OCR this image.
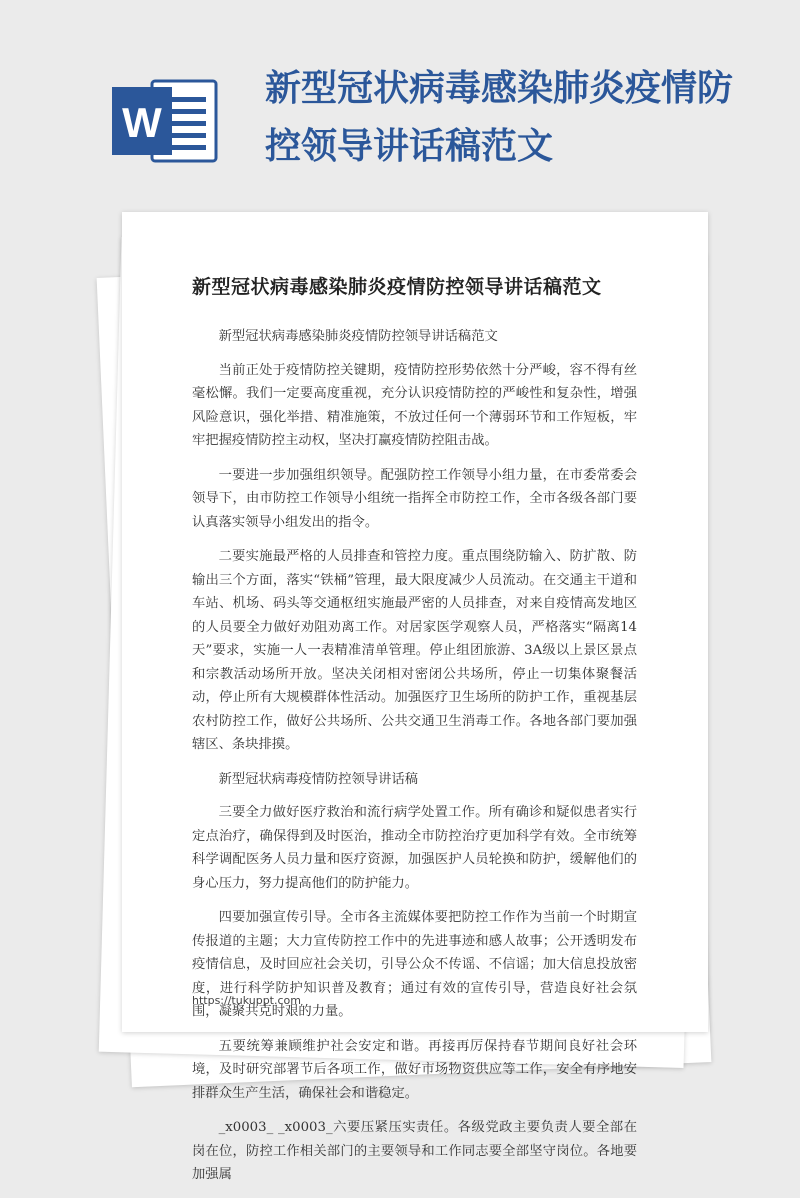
W
新型冠状病毒感染肺炎疫情防控领导讲话稿范文
新型冠状病毒感染肺炎疫情防控领导讲话稿范文

新型冠状病毒感染肺炎疫情防控领导讲话稿范文

当前正处于疫情防控关键期，疫情防控形势依然十分严峻，容不得有丝毫松懈。我们一定要高度重视，充分认识疫情防控的严峻性和复杂性，增强风险意识，强化举措、精准施策，不放过任何一个薄弱环节和工作短板，牢牢把握疫情防控主动权，坚决打赢疫情防控阻击战。

一要进一步加强组织领导。配强防控工作领导小组力量，在市委常委会领导下，由市防控工作领导小组统一指挥全市防控工作，全市各级各部门要认真落实领导小组发出的指令。

二要实施最严格的人员排查和管控力度。重点围绕防输入、防扩散、防输出三个方面，落实“铁桶”管理，最大限度减少人员流动。在交通主干道和车站、机场、码头等交通枢纽实施最严密的人员排查，对来自疫情高发地区的人员要全力做好劝阻劝离工作。对居家医学观察人员，严格落实“隔离14天”要求，实施一人一表精准清单管理。停止组团旅游、3A级以上景区景点和宗教活动场所开放。坚决关闭相对密闭公共场所，停止一切集体聚餐活动，停止所有大规模群体性活动。加强医疗卫生场所的防护工作，重视基层农村防控工作，做好公共场所、公共交通卫生消毒工作。各地各部门要加强辖区、条块排摸。

新型冠状病毒疫情防控领导讲话稿

三要全力做好医疗救治和流行病学处置工作。所有确诊和疑似患者实行定点治疗，确保得到及时医治，推动全市防控治疗更加科学有效。全市统筹科学调配医务人员力量和医疗资源，加强医护人员轮换和防护，缓解他们的身心压力，努力提高他们的防护能力。

四要加强宣传引导。全市各主流媒体要把防控工作作为当前一个时期宣传报道的主题；大力宣传防控工作中的先进事迹和感人故事；公开透明发布疫情信息，及时回应社会关切，引导公众不传谣、不信谣；加大信息投放密度，进行科学防护知识普及教育；通过有效的宣传引导，营造良好社会氛围，凝聚共克时艰的力量。

五要统筹兼顾维护社会安定和谐。再接再厉保持春节期间良好社会环境，及时研究部署节后各项工作，做好市场物资供应等工作，安全有序地安排群众生产生活，确保社会和谐稳定。

_x0003_ _x0003_六要压紧压实责任。各级党政主要负责人要全部在岗在位，防控工作相关部门的主要领导和工作同志要全部坚守岗位。各地要加强属

https://tukuppt.com
